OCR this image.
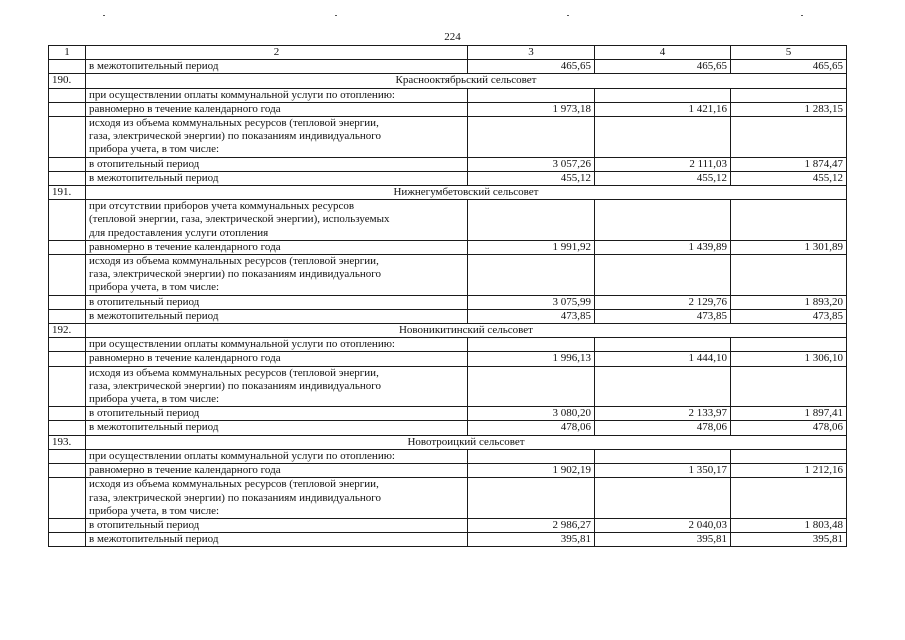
224
1	2	3	4	5
	в межотопительный период	465,65	465,65	465,65
190.	Краснооктябрьский сельсовет			
	при осуществлении оплаты коммунальной услуги по отоплению:			
	равномерно в течение календарного года	1 973,18	1 421,16	1 283,15
	исходя из объема коммунальных ресурсов (тепловой энергии,
газа, электрической энергии) по показаниям индивидуального
прибора учета, в том числе:			
	в отопительный период	3 057,26	2 111,03	1 874,47
	в межотопительный период	455,12	455,12	455,12
191.	Нижнегумбетовский сельсовет			
	при отсутствии приборов учета коммунальных ресурсов
(тепловой энергии, газа, электрической энергии), используемых
для предоставления услуги отопления			
	равномерно в течение календарного года	1 991,92	1 439,89	1 301,89
	исходя из объема коммунальных ресурсов (тепловой энергии,
газа, электрической энергии) по показаниям индивидуального
прибора учета, в том числе:			
	в отопительный период	3 075,99	2 129,76	1 893,20
	в межотопительный период	473,85	473,85	473,85
192.	Новоникитинский сельсовет			
	при осуществлении оплаты коммунальной услуги по отоплению:			
	равномерно в течение календарного года	1 996,13	1 444,10	1 306,10
	исходя из объема коммунальных ресурсов (тепловой энергии,
газа, электрической энергии) по показаниям индивидуального
прибора учета, в том числе:			
	в отопительный период	3 080,20	2 133,97	1 897,41
	в межотопительный период	478,06	478,06	478,06
193.	Новотроицкий сельсовет			
	при осуществлении оплаты коммунальной услуги по отоплению:			
	равномерно в течение календарного года	1 902,19	1 350,17	1 212,16
	исходя из объема коммунальных ресурсов (тепловой энергии,
газа, электрической энергии) по показаниям индивидуального
прибора учета, в том числе:			
	в отопительный период	2 986,27	2 040,03	1 803,48
	в межотопительный период	395,81	395,81	395,81
